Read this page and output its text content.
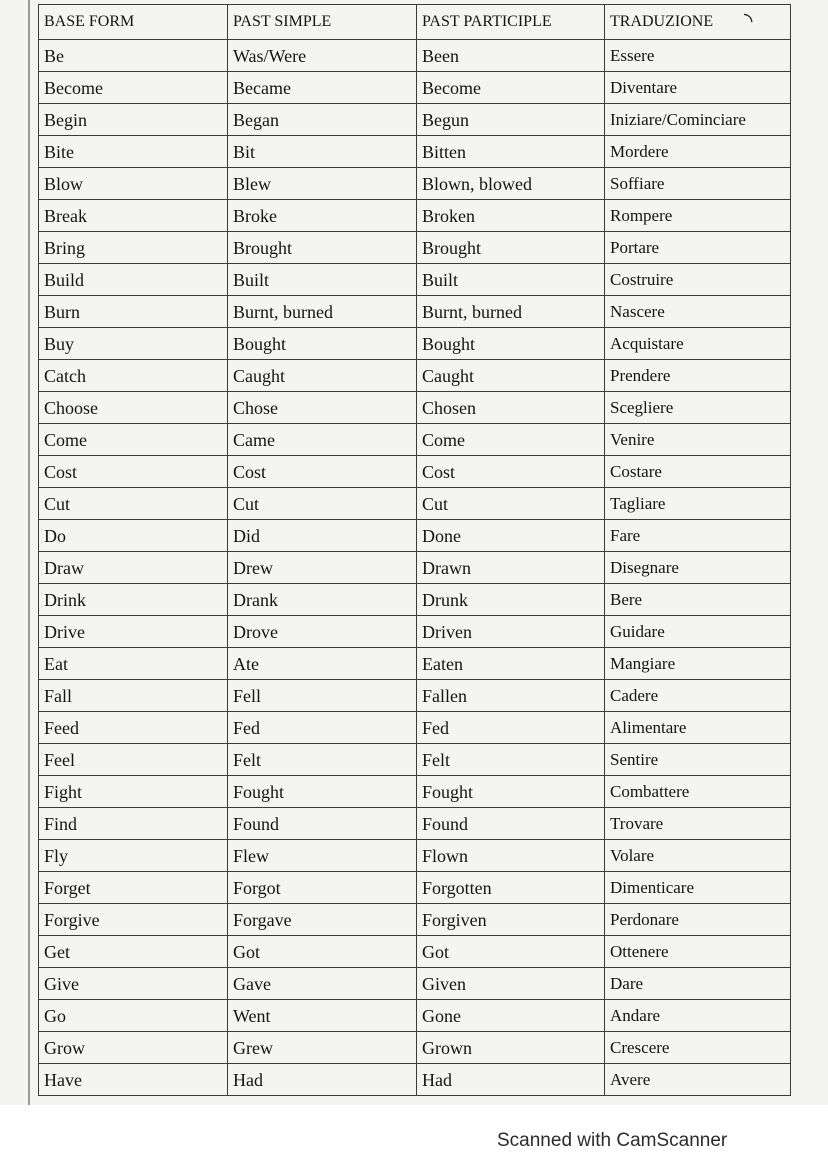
BASE FORM	PAST SIMPLE	PAST PARTICIPLE	TRADUZIONE
Be	Was/Were	Been	Essere
Become	Became	Become	Diventare
Begin	Began	Begun	Iniziare/Cominciare
Bite	Bit	Bitten	Mordere
Blow	Blew	Blown, blowed	Soffiare
Break	Broke	Broken	Rompere
Bring	Brought	Brought	Portare
Build	Built	Built	Costruire
Burn	Burnt, burned	Burnt, burned	Nascere
Buy	Bought	Bought	Acquistare
Catch	Caught	Caught	Prendere
Choose	Chose	Chosen	Scegliere
Come	Came	Come	Venire
Cost	Cost	Cost	Costare
Cut	Cut	Cut	Tagliare
Do	Did	Done	Fare
Draw	Drew	Drawn	Disegnare
Drink	Drank	Drunk	Bere
Drive	Drove	Driven	Guidare
Eat	Ate	Eaten	Mangiare
Fall	Fell	Fallen	Cadere
Feed	Fed	Fed	Alimentare
Feel	Felt	Felt	Sentire
Fight	Fought	Fought	Combattere
Find	Found	Found	Trovare
Fly	Flew	Flown	Volare
Forget	Forgot	Forgotten	Dimenticare
Forgive	Forgave	Forgiven	Perdonare
Get	Got	Got	Ottenere
Give	Gave	Given	Dare
Go	Went	Gone	Andare
Grow	Grew	Grown	Crescere
Have	Had	Had	Avere
◝
Scanned with CamScanner
